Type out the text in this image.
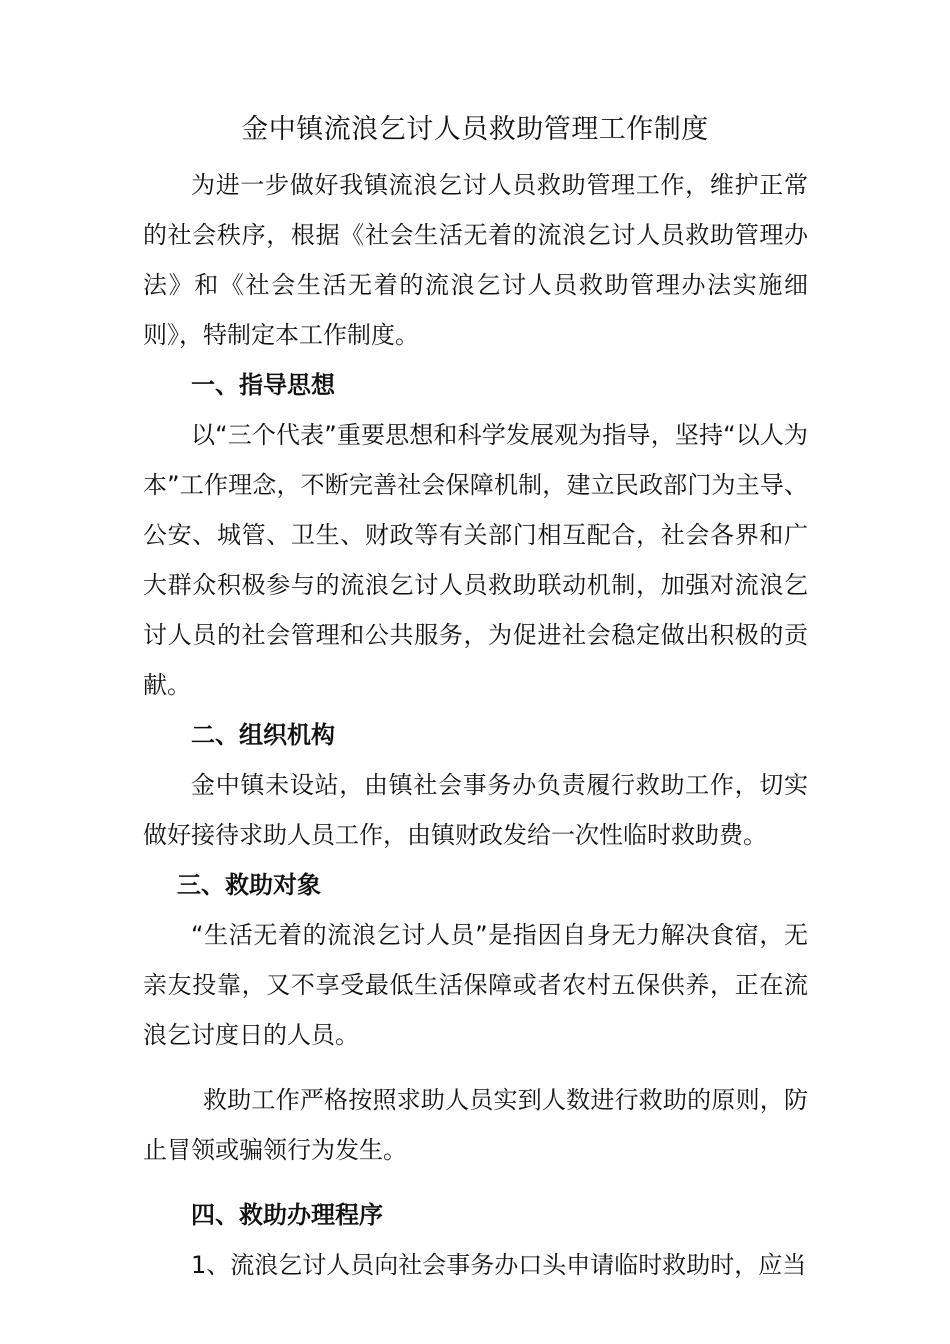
金中镇流浪乞讨人员救助管理工作制度

为进一步做好我镇流浪乞讨人员救助管理工作，维护正常的社会秩序，根据《社会生活无着的流浪乞讨人员救助管理办法》和《社会生活无着的流浪乞讨人员救助管理办法实施细则》，特制定本工作制度。

一、指导思想

以“三个代表”重要思想和科学发展观为指导，坚持“以人为本”工作理念，不断完善社会保障机制，建立民政部门为主导、公安、城管、卫生、财政等有关部门相互配合，社会各界和广大群众积极参与的流浪乞讨人员救助联动机制，加强对流浪乞讨人员的社会管理和公共服务，为促进社会稳定做出积极的贡献。

二、组织机构

金中镇未设站，由镇社会事务办负责履行救助工作，切实做好接待求助人员工作，由镇财政发给一次性临时救助费。

三、救助对象

“生活无着的流浪乞讨人员”是指因自身无力解决食宿，无亲友投靠，又不享受最低生活保障或者农村五保供养，正在流浪乞讨度日的人员。

救助工作严格按照求助人员实到人数进行救助的原则，防止冒领或骗领行为发生。

四、救助办理程序

1、流浪乞讨人员向社会事务办口头申请临时救助时，应当
